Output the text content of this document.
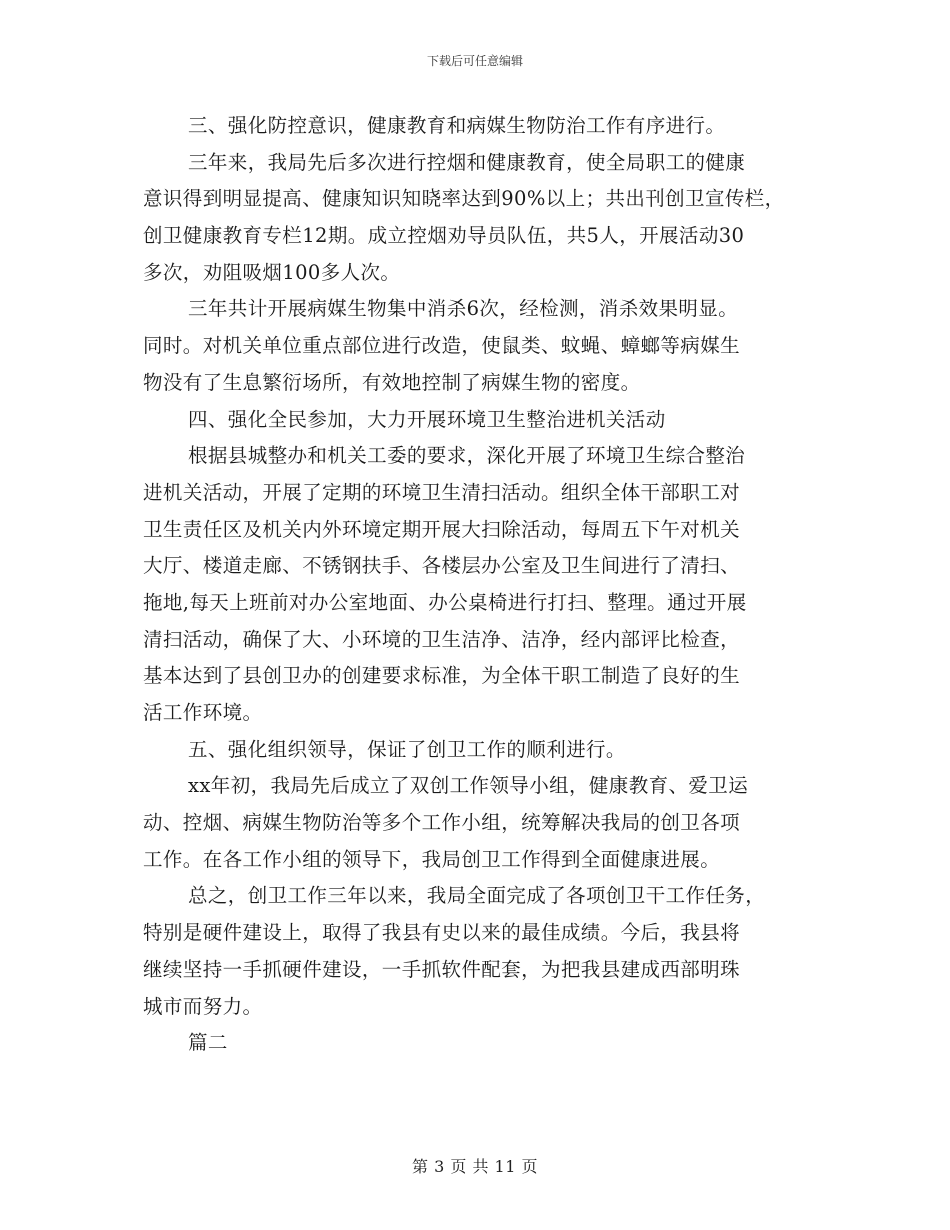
下载后可任意编辑
三、强化防控意识，健康教育和病媒生物防治工作有序进行。
三年来，我局先后多次进行控烟和健康教育，使全局职工的健康
意识得到明显提高、健康知识知晓率达到90%以上；共出刊创卫宣传栏，
创卫健康教育专栏12期。成立控烟劝导员队伍，共5人，开展活动30
多次，劝阻吸烟100多人次。
三年共计开展病媒生物集中消杀6次，经检测，消杀效果明显。
同时。对机关单位重点部位进行改造，使鼠类、蚊蝇、蟑螂等病媒生
物没有了生息繁衍场所，有效地控制了病媒生物的密度。
四、强化全民参加，大力开展环境卫生整治进机关活动
根据县城整办和机关工委的要求，深化开展了环境卫生综合整治
进机关活动，开展了定期的环境卫生清扫活动。组织全体干部职工对
卫生责任区及机关内外环境定期开展大扫除活动，每周五下午对机关
大厅、楼道走廊、不锈钢扶手、各楼层办公室及卫生间进行了清扫、
拖地,每天上班前对办公室地面、办公桌椅进行打扫、整理。通过开展
清扫活动，确保了大、小环境的卫生洁净、洁净，经内部评比检查，
基本达到了县创卫办的创建要求标准，为全体干职工制造了良好的生
活工作环境。
五、强化组织领导，保证了创卫工作的顺利进行。
xx年初，我局先后成立了双创工作领导小组，健康教育、爱卫运
动、控烟、病媒生物防治等多个工作小组，统筹解决我局的创卫各项
工作。在各工作小组的领导下，我局创卫工作得到全面健康进展。
总之，创卫工作三年以来，我局全面完成了各项创卫干工作任务，
特别是硬件建设上，取得了我县有史以来的最佳成绩。今后，我县将
继续坚持一手抓硬件建设，一手抓软件配套，为把我县建成西部明珠
城市而努力。
篇二
第 3 页 共 11 页
